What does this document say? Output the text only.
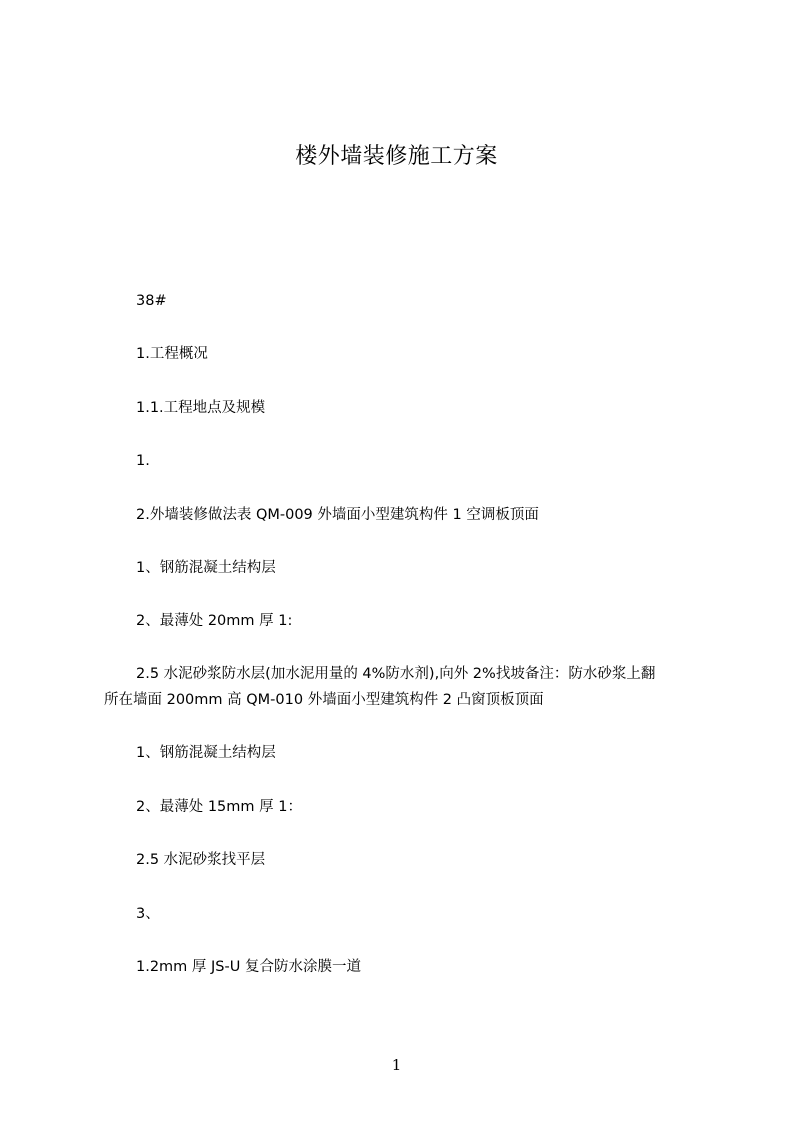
楼外墙装修施工方案
38#
1.工程概况
1.1.工程地点及规模
1.
2.外墙装修做法表 QM-009 外墙面小型建筑构件 1 空调板顶面
1、钢筋混凝土结构层
2、最薄处 20mm 厚 1:
2.5 水泥砂浆防水层(加水泥用量的 4%防水剂),向外 2%找坡备注：防水砂浆上翻
所在墙面 200mm 高 QM-010 外墙面小型建筑构件 2 凸窗顶板顶面
1、钢筋混凝土结构层
2、最薄处 15mm 厚 1：
2.5 水泥砂浆找平层
3、
1.2mm 厚 JS-U 复合防水涂膜一道
1
